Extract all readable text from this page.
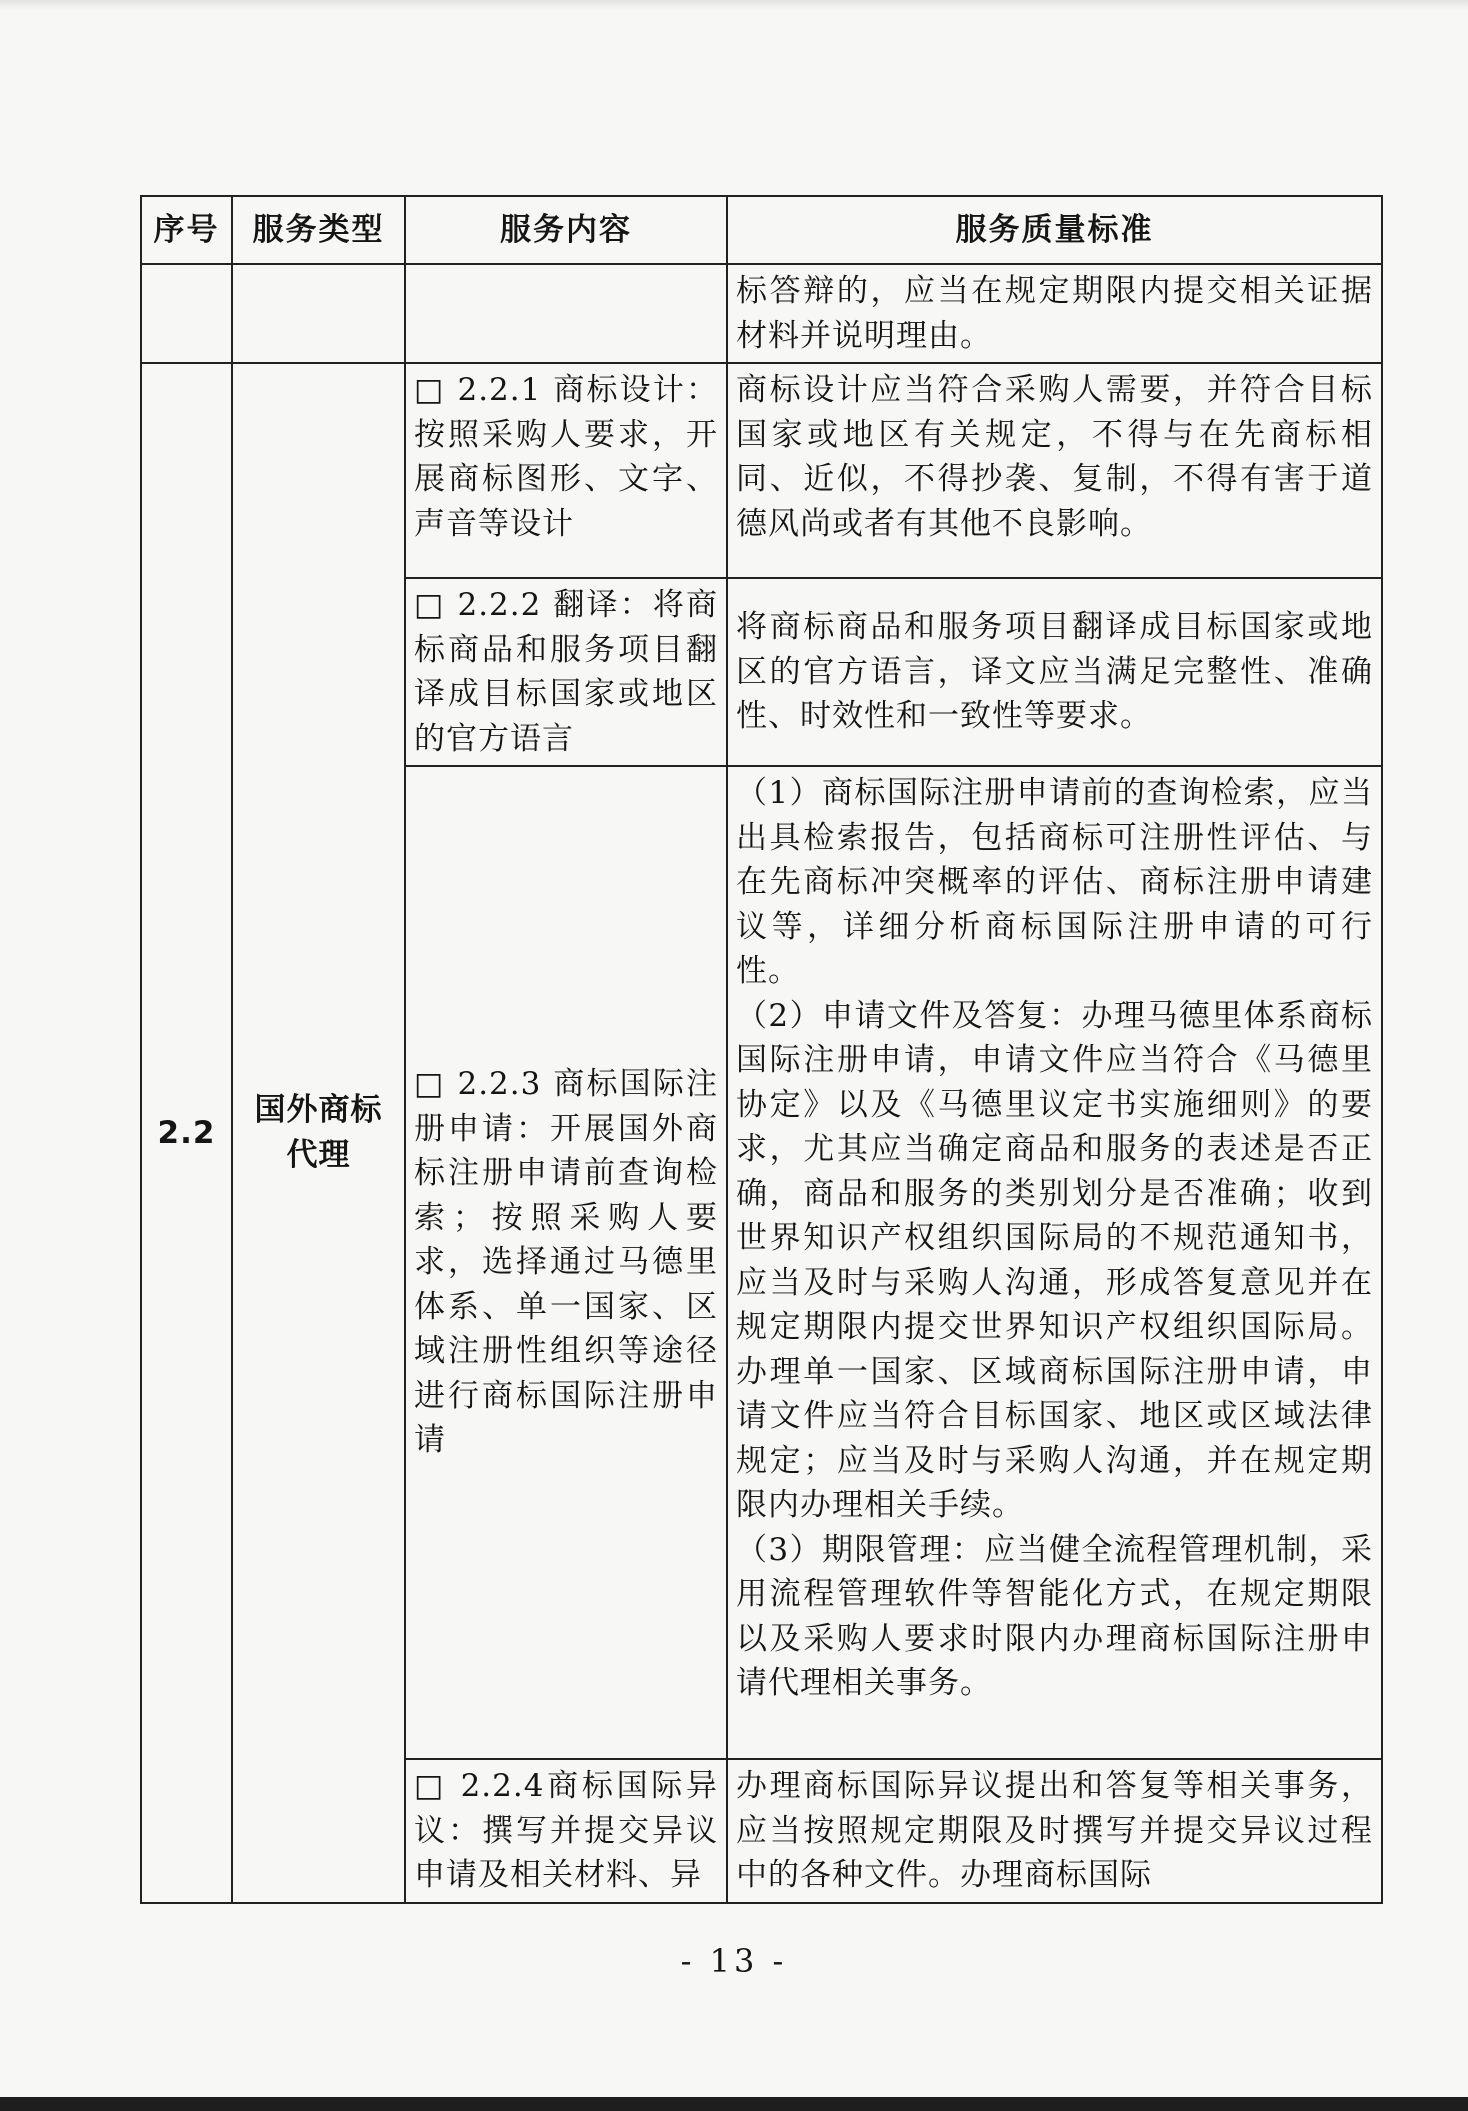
序号	服务类型	服务内容	服务质量标准
			标答辩的，应当在规定期限内提交相关证据材料并说明理由。
2.2	国外商标代理	□ 2.2.1 商标设计：按照采购人要求，开展商标图形、文字、声音等设计	商标设计应当符合采购人需要，并符合目标国家或地区有关规定，不得与在先商标相同、近似，不得抄袭、复制，不得有害于道德风尚或者有其他不良影响。
		□ 2.2.2 翻译：将商标商品和服务项目翻译成目标国家或地区的官方语言	将商标商品和服务项目翻译成目标国家或地区的官方语言，译文应当满足完整性、准确性、时效性和一致性等要求。
		□ 2.2.3 商标国际注册申请：开展国外商标注册申请前查询检索；按照采购人要求，选择通过马德里体系、单一国家、区域注册性组织等途径进行商标国际注册申请	（1）商标国际注册申请前的查询检索，应当出具检索报告，包括商标可注册性评估、与在先商标冲突概率的评估、商标注册申请建议等，详细分析商标国际注册申请的可行性。
（2）申请文件及答复：办理马德里体系商标国际注册申请，申请文件应当符合《马德里协定》以及《马德里议定书实施细则》的要求，尤其应当确定商品和服务的表述是否正确，商品和服务的类别划分是否准确；收到世界知识产权组织国际局的不规范通知书，应当及时与采购人沟通，形成答复意见并在规定期限内提交世界知识产权组织国际局。办理单一国家、区域商标国际注册申请，申请文件应当符合目标国家、地区或区域法律规定；应当及时与采购人沟通，并在规定期限内办理相关手续。
（3）期限管理：应当健全流程管理机制，采用流程管理软件等智能化方式，在规定期限以及采购人要求时限内办理商标国际注册申请代理相关事务。

		□ 2.2.4商标国际异议：撰写并提交异议申请及相关材料、异	办理商标国际异议提出和答复等相关事务，应当按照规定期限及时撰写并提交异议过程中的各种文件。办理商标国际
- 13 -
